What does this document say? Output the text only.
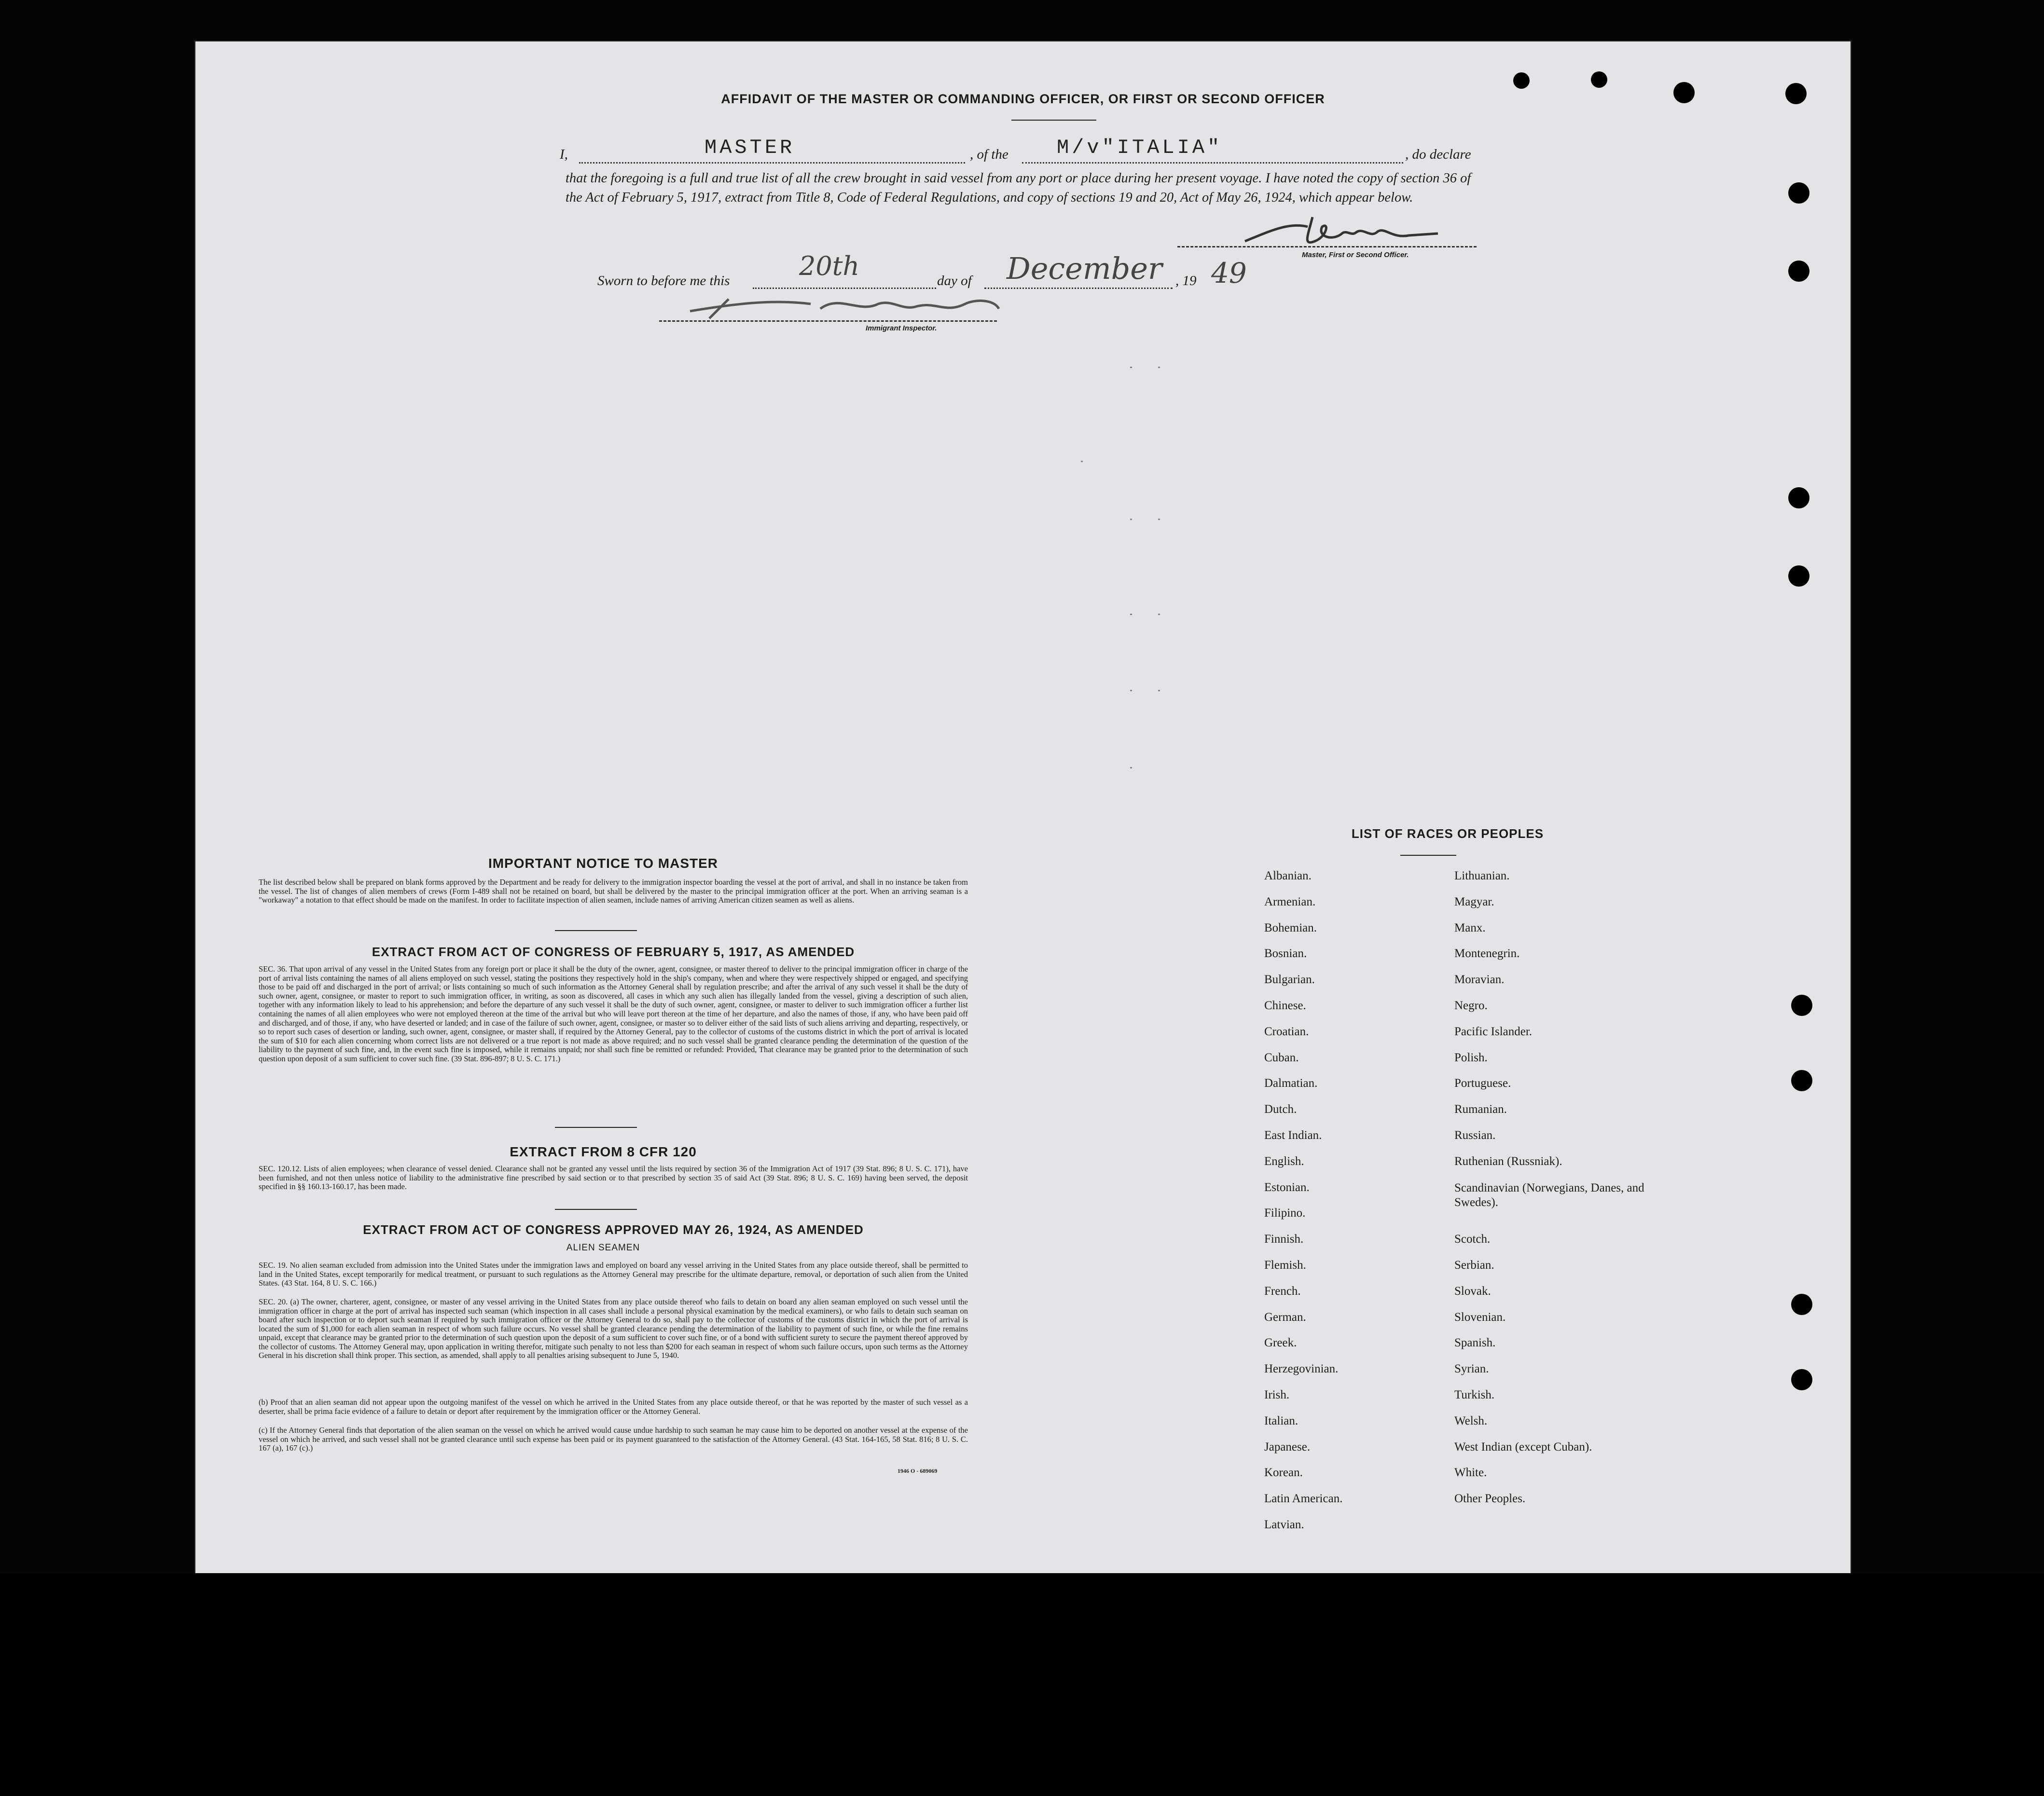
AFFIDAVIT OF THE MASTER OR COMMANDING OFFICER, OR FIRST OR SECOND OFFICER
I,	MASTER	, of the M/v"ITALIA"	, do declare
that the foregoing is a full and true list of all the crew brought in said vessel from any port or place during her present voyage. I have noted the copy of section 36 of the Act of February 5, 1917, extract from Title 8, Code of Federal Regulations, and copy of sections 19 and 20, Act of May 26, 1924, which appear below.
Master, First or Second Officer.
Sworn to before me this	20th	day of December , 19 49
Immigrant Inspector.
IMPORTANT NOTICE TO MASTER
The list described below shall be prepared on blank forms approved by the Department and be ready for delivery to the immigration inspector boarding the vessel at the port of arrival, and shall in no instance be taken from the vessel. The list of changes of alien members of crews (Form I-489 shall not be retained on board, but shall be delivered by the master to the principal immigration officer at the port. When an arriving seaman is a "workaway" a notation to that effect should be made on the manifest. In order to facilitate inspection of alien seamen, include names of arriving American citizen seamen as well as aliens.
EXTRACT FROM ACT OF CONGRESS OF FEBRUARY 5, 1917, AS AMENDED
SEC. 36. That upon arrival of any vessel in the United States from any foreign port or place it shall be the duty of the owner, agent, consignee, or master thereof to deliver to the principal immigration officer in charge of the port of arrival lists containing the names of all aliens employed on such vessel, stating the positions they respectively hold in the ship's company, when and where they were respectively shipped or engaged, and specifying those to be paid off and discharged in the port of arrival; or lists containing so much of such information as the Attorney General shall by regulation prescribe; and after the arrival of any such vessel it shall be the duty of such owner, agent, consignee, or master to report to such immigration officer, in writing, as soon as discovered, all cases in which any such alien has illegally landed from the vessel, giving a description of such alien, together with any information likely to lead to his apprehension; and before the departure of any such vessel it shall be the duty of such owner, agent, consignee, or master to deliver to such immigration officer a further list containing the names of all alien employees who were not employed thereon at the time of the arrival but who will leave port thereon at the time of her departure, and also the names of those, if any, who have been paid off and discharged, and of those, if any, who have deserted or landed; and in case of the failure of such owner, agent, consignee, or master so to deliver either of the said lists of such aliens arriving and departing, respectively, or so to report such cases of desertion or landing, such owner, agent, consignee, or master shall, if required by the Attorney General, pay to the collector of customs of the customs district in which the port of arrival is located the sum of $10 for each alien concerning whom correct lists are not delivered or a true report is not made as above required; and no such vessel shall be granted clearance pending the determination of the question of the liability to the payment of such fine, and, in the event such fine is imposed, while it remains unpaid; nor shall such fine be remitted or refunded: Provided, That clearance may be granted prior to the determination of such question upon deposit of a sum sufficient to cover such fine. (39 Stat. 896-897; 8 U. S. C. 171.)
EXTRACT FROM 8 CFR 120
SEC. 120.12. Lists of alien employees; when clearance of vessel denied. Clearance shall not be granted any vessel until the lists required by section 36 of the Immigration Act of 1917 (39 Stat. 896; 8 U. S. C. 171), have been furnished, and not then unless notice of liability to the administrative fine prescribed by said section or to that prescribed by section 35 of said Act (39 Stat. 896; 8 U. S. C. 169) having been served, the deposit specified in §§ 160.13-160.17, has been made.
EXTRACT FROM ACT OF CONGRESS APPROVED MAY 26, 1924, AS AMENDED
ALIEN SEAMEN
SEC. 19. No alien seaman excluded from admission into the United States under the immigration laws and employed on board any vessel arriving in the United States from any place outside thereof, shall be permitted to land in the United States, except temporarily for medical treatment, or pursuant to such regulations as the Attorney General may prescribe for the ultimate departure, removal, or deportation of such alien from the United States. (43 Stat. 164, 8 U. S. C. 166.)
SEC. 20. (a) The owner, charterer, agent, consignee, or master of any vessel arriving in the United States from any place outside thereof who fails to detain on board any alien seaman employed on such vessel until the immigration officer in charge at the port of arrival has inspected such seaman (which inspection in all cases shall include a personal physical examination by the medical examiners), or who fails to detain such seaman on board after such inspection or to deport such seaman if required by such immigration officer or the Attorney General to do so, shall pay to the collector of customs of the customs district in which the port of arrival is located the sum of $1,000 for each alien seaman in respect of whom such failure occurs. No vessel shall be granted clearance pending the determination of the liability to payment of such fine, or while the fine remains unpaid, except that clearance may be granted prior to the determination of such question upon the deposit of a sum sufficient to cover such fine, or of a bond with sufficient surety to secure the payment thereof approved by the collector of customs. The Attorney General may, upon application in writing therefor, mitigate such penalty to not less than $200 for each seaman in respect of whom such failure occurs, upon such terms as the Attorney General in his discretion shall think proper. This section, as amended, shall apply to all penalties arising subsequent to June 5, 1940.
(b) Proof that an alien seaman did not appear upon the outgoing manifest of the vessel on which he arrived in the United States from any place outside thereof, or that he was reported by the master of such vessel as a deserter, shall be prima facie evidence of a failure to detain or deport after requirement by the immigration officer or the Attorney General.
(c) If the Attorney General finds that deportation of the alien seaman on the vessel on which he arrived would cause undue hardship to such seaman he may cause him to be deported on another vessel at the expense of the vessel on which he arrived, and such vessel shall not be granted clearance until such expense has been paid or its payment guaranteed to the satisfaction of the Attorney General. (43 Stat. 164-165, 58 Stat. 816; 8 U. S. C. 167 (a), 167 (c).)
1946 O - 689069
LIST OF RACES OR PEOPLES
Albanian.
Armenian.
Bohemian.
Bosnian.
Bulgarian.
Chinese.
Croatian.
Cuban.
Dalmatian.
Dutch.
East Indian.
English.
Estonian.
Filipino.
Finnish.
Flemish.
French.
German.
Greek.
Herzegovinian.
Irish.
Italian.
Japanese.
Korean.
Latin American.
Latvian.
Lithuanian.
Magyar.
Manx.
Montenegrin.
Moravian.
Negro.
Pacific Islander.
Polish.
Portuguese.
Rumanian.
Russian.
Ruthenian (Russniak).
Scandinavian (Norwegians, Danes, and Swedes).
Scotch.
Serbian.
Slovak.
Slovenian.
Spanish.
Syrian.
Turkish.
Welsh.
West Indian (except Cuban).
White.
Other Peoples.
